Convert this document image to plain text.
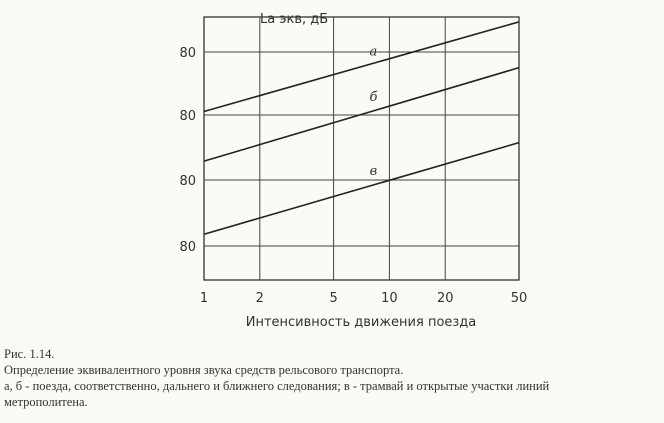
а
б
в
1	2	5	10	20	50
80
80
80
80
Lа экв, дБ
Интенсивность движения поезда
Рис. 1.14.
Определение эквивалентного уровня звука средств рельсового транспорта.
а, б - поезда, соответственно, дальнего и ближнего следования; в - трамвай и открытые участки линий
метрополитена.
